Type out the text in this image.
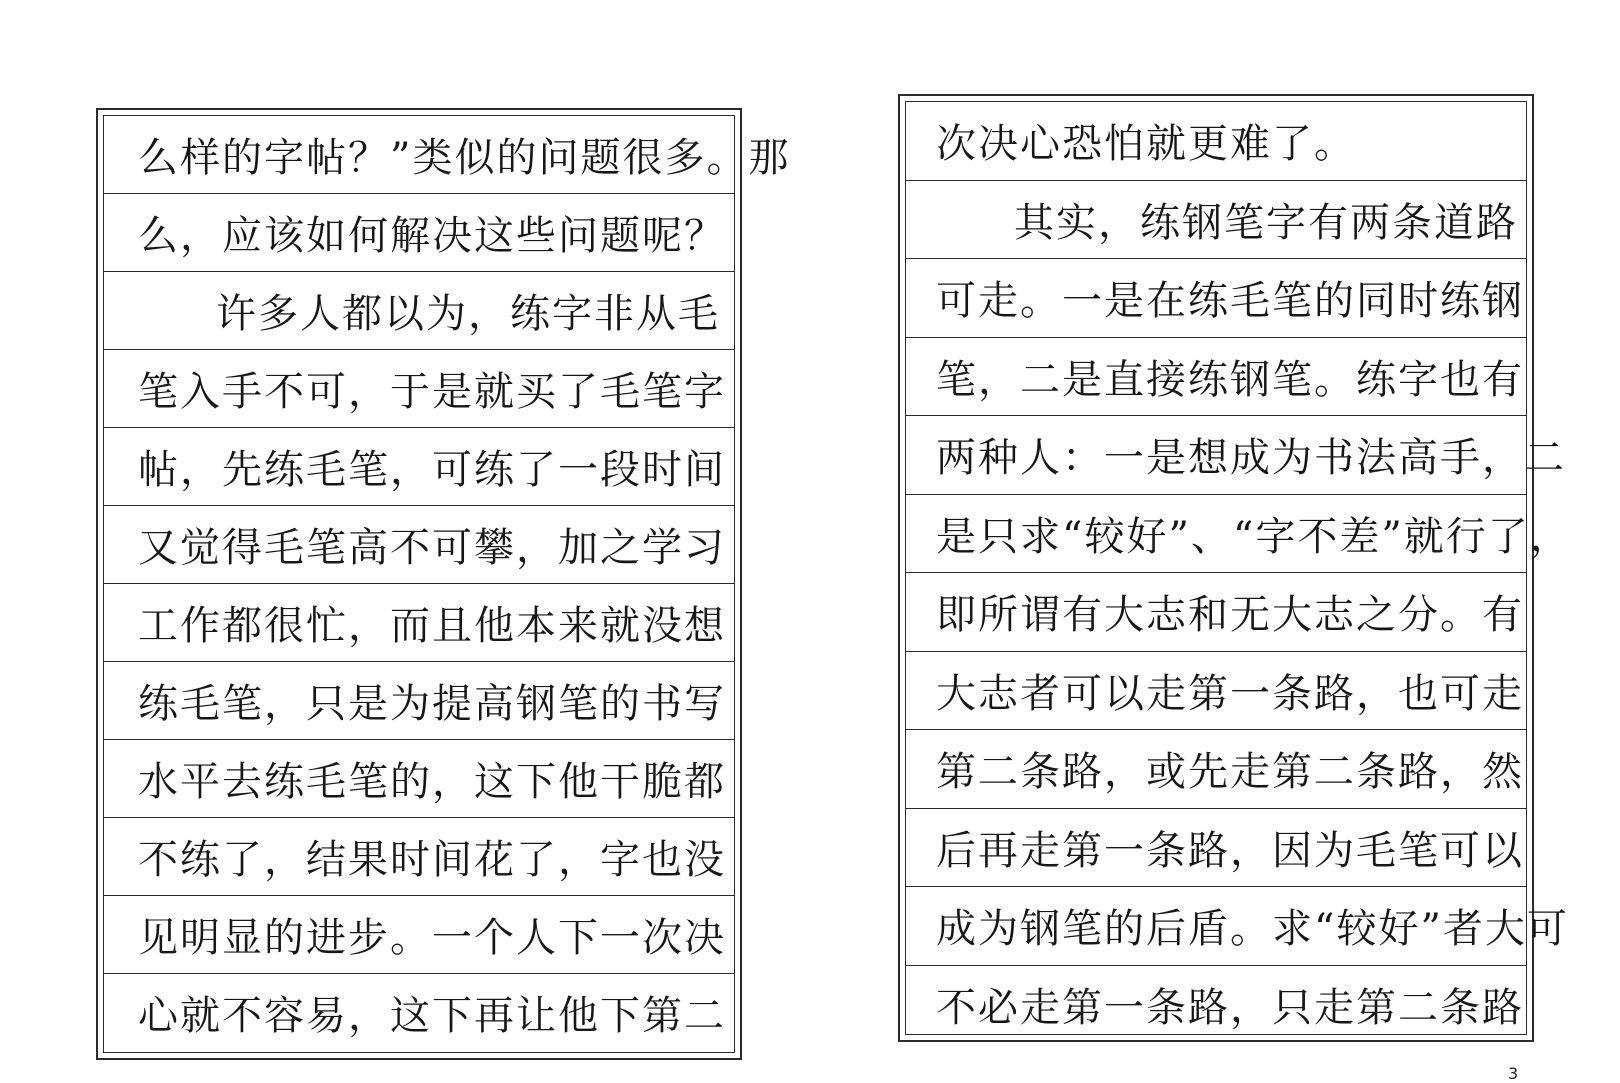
么样的字帖？”类似的问题很多。那
么，应该如何解决这些问题呢？
许多人都以为，练字非从毛
笔入手不可，于是就买了毛笔字
帖，先练毛笔，可练了一段时间
又觉得毛笔高不可攀，加之学习
工作都很忙，而且他本来就没想
练毛笔，只是为提高钢笔的书写
水平去练毛笔的，这下他干脆都
不练了，结果时间花了，字也没
见明显的进步。一个人下一次决
心就不容易，这下再让他下第二
次决心恐怕就更难了。
其实，练钢笔字有两条道路
可走。一是在练毛笔的同时练钢
笔，二是直接练钢笔。练字也有
两种人：一是想成为书法高手，二
是只求“较好”、“字不差”就行了，
即所谓有大志和无大志之分。有
大志者可以走第一条路，也可走
第二条路，或先走第二条路，然
后再走第一条路，因为毛笔可以
成为钢笔的后盾。求“较好”者大可
不必走第一条路，只走第二条路
3
